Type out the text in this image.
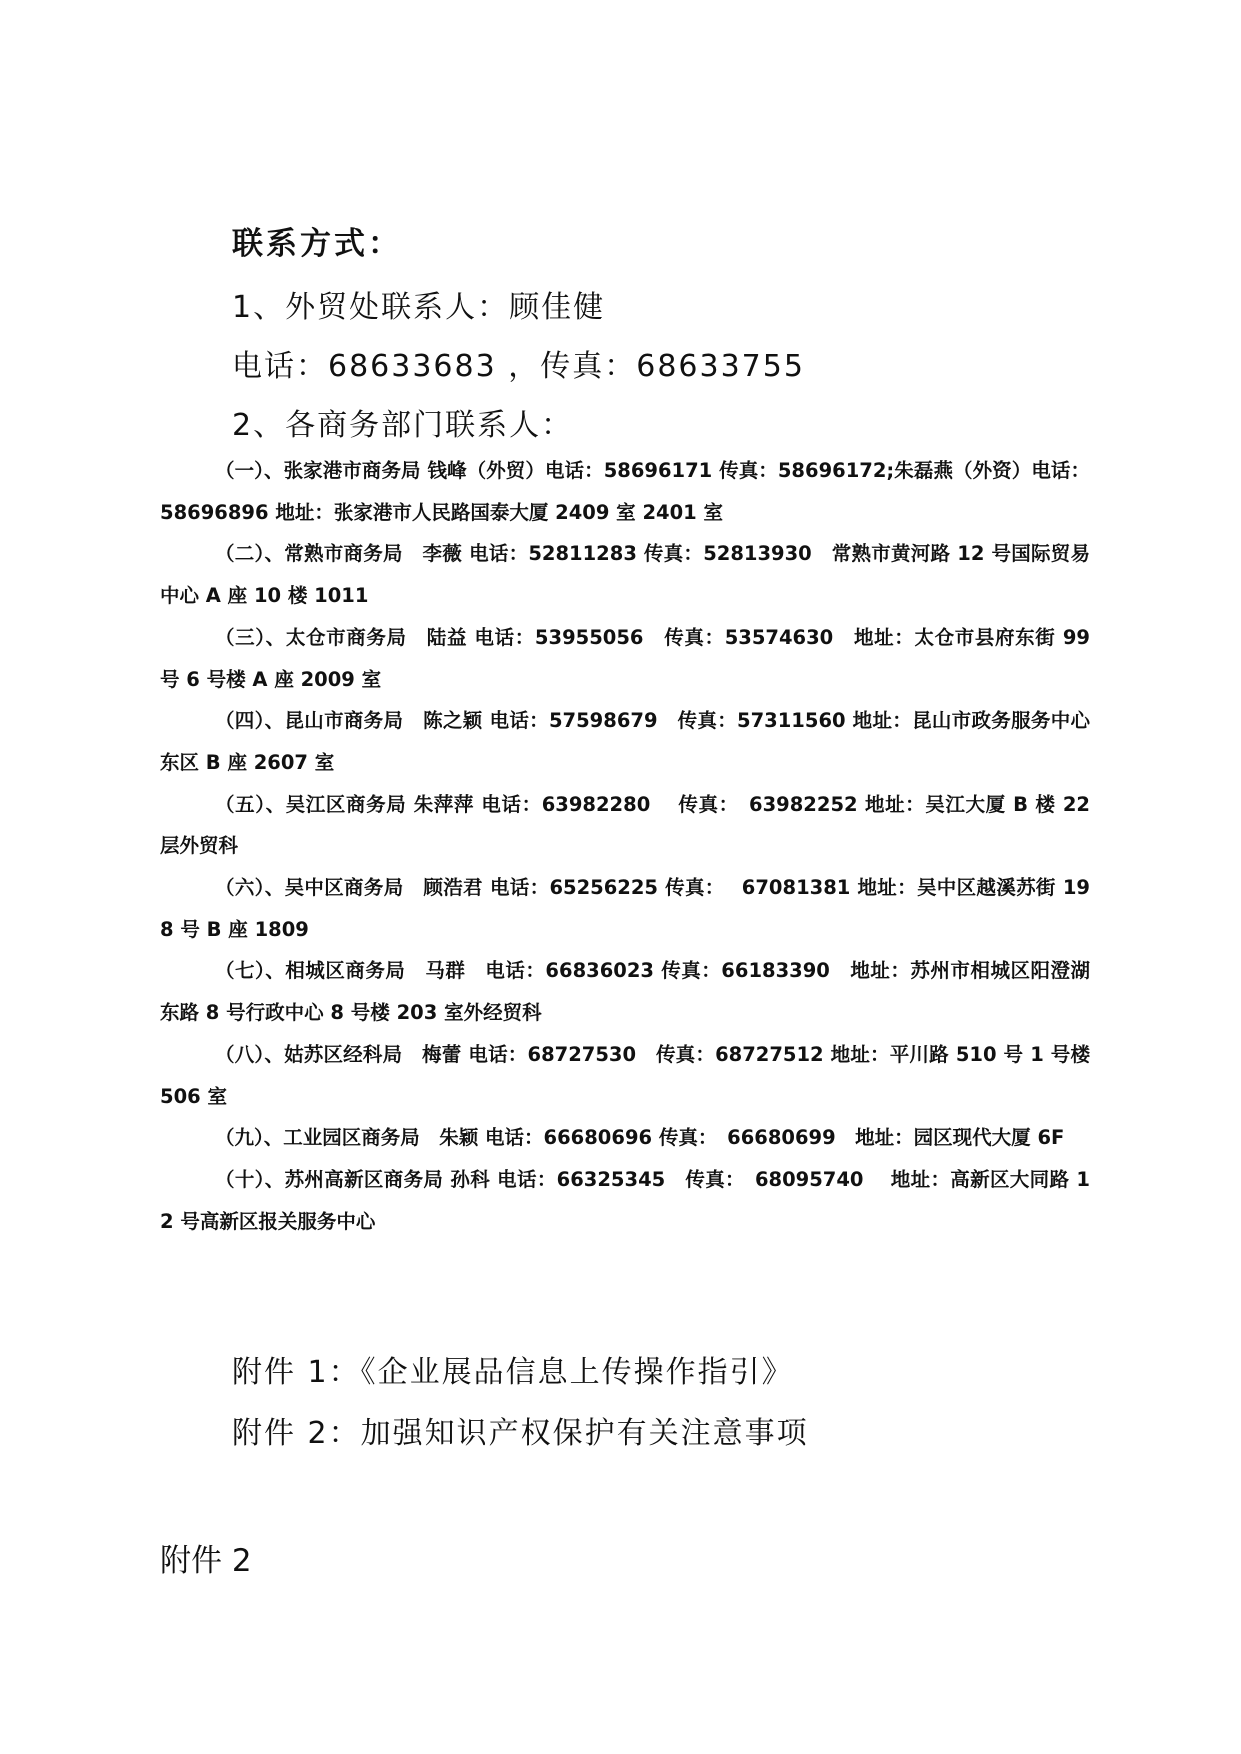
联系方式：
1、外贸处联系人：顾佳健
电话：68633683 ，传真：68633755
2、各商务部门联系人：
（一）、张家港市商务局 钱峰（外贸）电话：58696171 传真：58696172;朱磊燕（外资）电话：58696896 地址：张家港市人民路国泰大厦 2409 室 2401 室
（二）、常熟市商务局　李薇 电话：52811283 传真：52813930　常熟市黄河路 12 号国际贸易中心 A 座 10 楼 1011
（三）、太仓市商务局　陆益 电话：53955056　传真：53574630　地址：太仓市县府东街 99 号 6 号楼 A 座 2009 室
（四）、昆山市商务局　陈之颖 电话：57598679　传真：57311560 地址：昆山市政务服务中心东区 B 座 2607 室
（五）、吴江区商务局 朱萍萍 电话：63982280　 传真：　63982252 地址：吴江大厦 B 楼 22 层外贸科
（六）、吴中区商务局　顾浩君 电话：65256225 传真：　 67081381 地址：吴中区越溪苏街 198 号 B 座 1809
（七）、相城区商务局　马群　电话：66836023 传真：66183390　地址：苏州市相城区阳澄湖东路 8 号行政中心 8 号楼 203 室外经贸科
（八）、姑苏区经科局　梅蕾 电话：68727530　传真：68727512 地址：平川路 510 号 1 号楼 506 室
（九）、工业园区商务局　朱颖 电话：66680696 传真：　66680699　地址：园区现代大厦 6F
（十）、苏州高新区商务局 孙科 电话：66325345　传真：　68095740　 地址：高新区大同路 12 号高新区报关服务中心
附件 1：《企业展品信息上传操作指引》
附件 2：加强知识产权保护有关注意事项
附件 2
